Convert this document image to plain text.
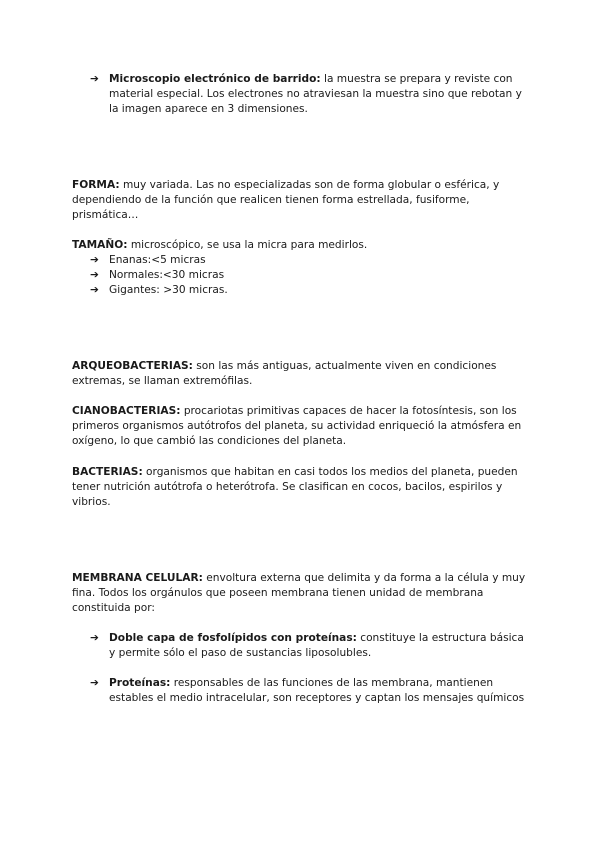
➔ Microscopio electrónico de barrido: la muestra se prepara y reviste con material especial. Los electrones no atraviesan la muestra sino que rebotan y la imagen aparece en 3 dimensiones.

FORMA: muy variada. Las no especializadas son de forma globular o esférica, y dependiendo de la función que realicen tienen forma estrellada, fusiforme, prismática…

TAMAÑO: microscópico, se usa la micra para medirlos.

➔ Enanas:<5 micras
➔ Normales:<30 micras
➔ Gigantes: >30 micras.

ARQUEOBACTERIAS: son las más antiguas, actualmente viven en condiciones extremas, se llaman extremófilas.

CIANOBACTERIAS: procariotas primitivas capaces de hacer la fotosíntesis, son los primeros organismos autótrofos del planeta, su actividad enriqueció la atmósfera en oxígeno, lo que cambió las condiciones del planeta.

BACTERIAS: organismos que habitan en casi todos los medios del planeta, pueden tener nutrición autótrofa o heterótrofa. Se clasifican en cocos, bacilos, espirilos y vibrios.

MEMBRANA CELULAR: envoltura externa que delimita y da forma a la célula y muy fina. Todos los orgánulos que poseen membrana tienen unidad de membrana constituida por:

➔ Doble capa de fosfolípidos con proteínas: constituye la estructura básica y permite sólo el paso de sustancias liposolubles.
➔ Proteínas: responsables de las funciones de las membrana, mantienen estables el medio intracelular, son receptores y captan los mensajes químicos
